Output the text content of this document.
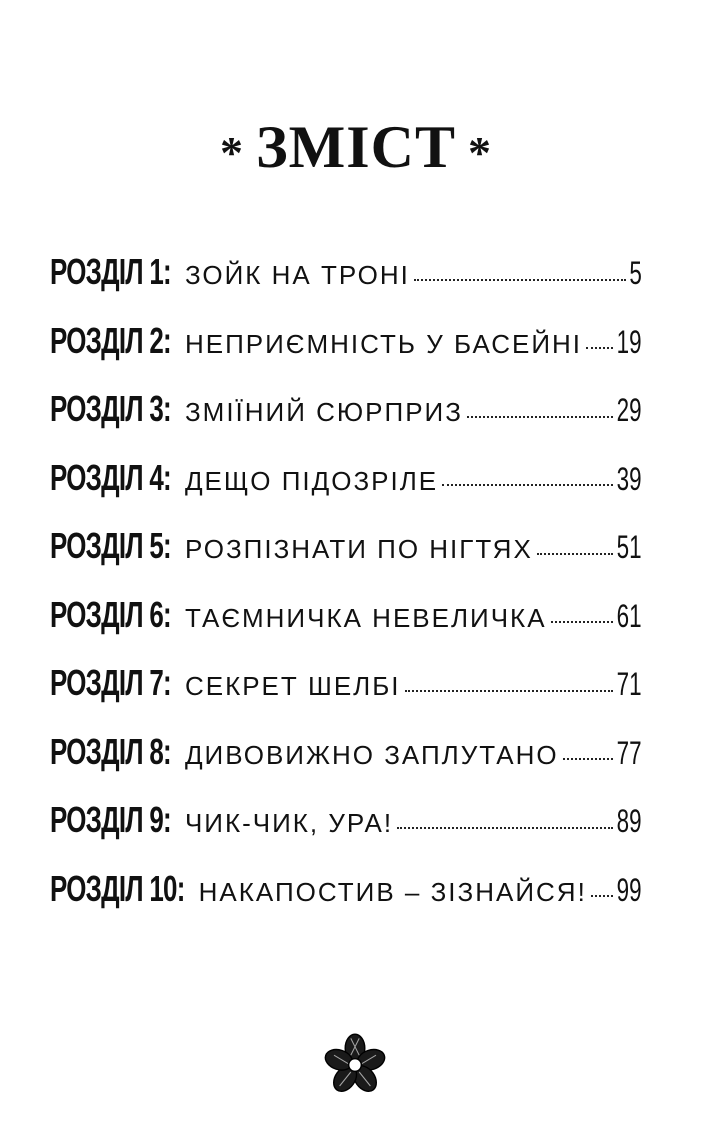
* ЗМІСТ *
РОЗДІЛ 1: ЗОЙК НА ТРОНІ	5
РОЗДІЛ 2: НЕПРИЄМНІСТЬ У БАСЕЙНІ 19
РОЗДІЛ 3: ЗМІЇНИЙ СЮРПРИЗ	29
РОЗДІЛ 4: ДЕЩО ПІДОЗРІЛЕ	39
РОЗДІЛ 5: РОЗПІЗНАТИ ПО НІГТЯХ	51
РОЗДІЛ 6: ТАЄМНИЧКА НЕВЕЛИЧКА 61
РОЗДІЛ 7: СЕКРЕТ ШЕЛБІ	71
РОЗДІЛ 8: ДИВОВИЖНО ЗАПЛУТАНО 77
РОЗДІЛ 9: ЧИК-ЧИК, УРА!	89
РОЗДІЛ 10: НАКАПОСТИВ – ЗІЗНАЙСЯ! 99
